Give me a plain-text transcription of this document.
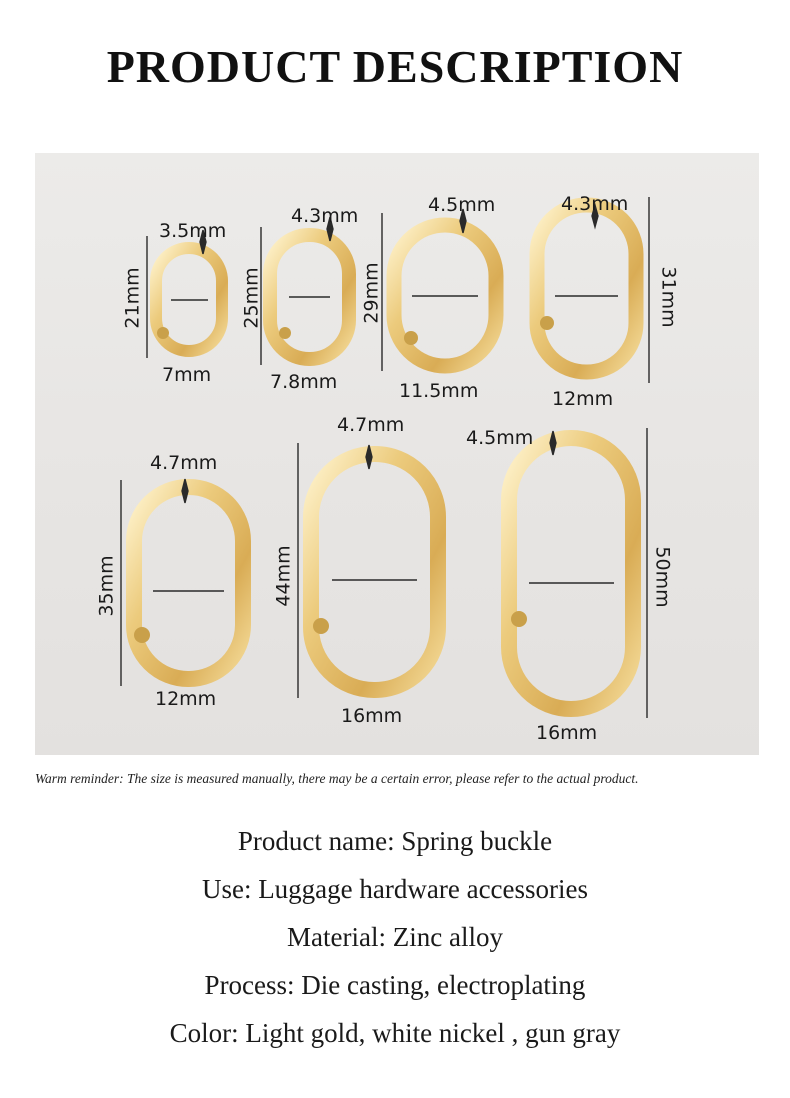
PRODUCT DESCRIPTION
3.5mm
21mm
7mm
4.3mm
25mm
7.8mm
4.5mm
29mm
11.5mm
4.3mm
31mm
12mm
4.7mm
35mm
12mm
4.7mm
44mm
16mm
4.5mm
50mm
16mm
Warm reminder: The size is measured manually, there may be a certain error, please refer to the actual product.
Product name: Spring buckle
Use: Luggage hardware accessories
Material: Zinc alloy
Process: Die casting, electroplating
Color: Light gold, white nickel , gun gray
